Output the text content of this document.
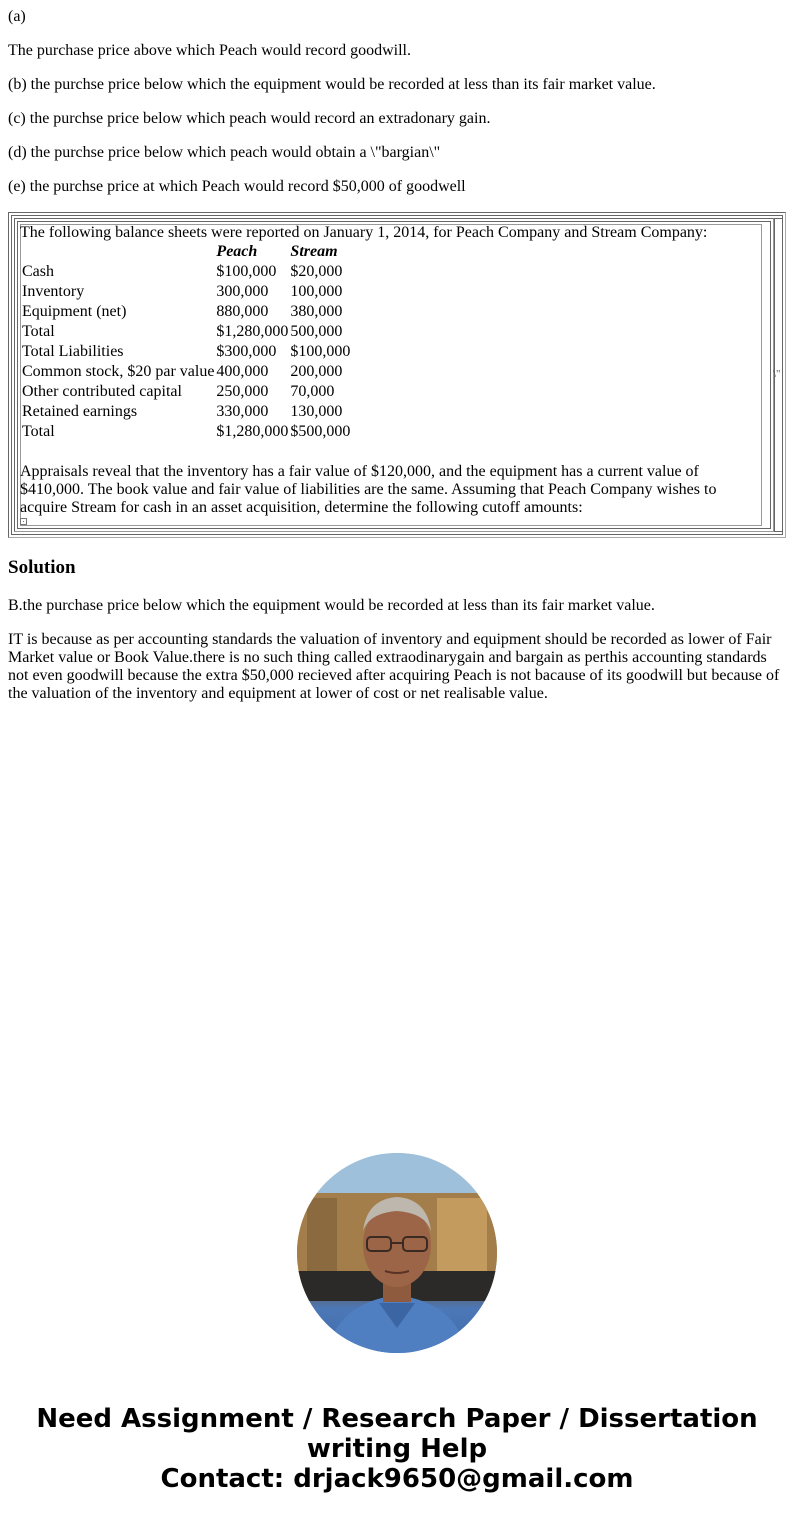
(a)

The purchase price above which Peach would record goodwill.

(b) the purchse price below which the equipment would be recorded at less than its fair market value.

(c) the purchse price below which peach would record an extradonary gain.

(d) the purchse price below which peach would obtain a \"bargian\"

(e) the purchse price at which Peach would record $50,000 of goodwell

\"

The following balance sheets were reported on January 1, 2014, for Peach Company and Stream Company:

	Peach	Stream
Cash	$100,000	$20,000
Inventory	300,000	100,000
Equipment (net)	880,000	380,000
Total	$1,280,000	500,000
Total Liabilities	$300,000	$100,000
Common stock, $20 par value	400,000	200,000
Other contributed capital	250,000	70,000
Retained earnings	330,000	130,000
Total	$1,280,000	$500,000

Appraisals reveal that the inventory has a fair value of $120,000, and the equipment has a current value of $410,000. The book value and fair value of liabilities are the same. Assuming that Peach Company wishes to acquire Stream for cash in an asset acquisition, determine the following cutoff amounts:

Solution

B.the purchase price below which the equipment would be recorded at less than its fair market value.

IT is because as per accounting standards the valuation of inventory and equipment should be recorded as lower of Fair Market value or Book Value.there is no such thing called extraodinarygain and bargain as perthis accounting standards not even goodwill because the extra $50,000 recieved after acquiring Peach is not bacause of its goodwill but because of the valuation of the inventory and equipment at lower of cost or net realisable value.

Need Assignment / Research Paper / Dissertation
writing Help
Contact: drjack9650@gmail.com
